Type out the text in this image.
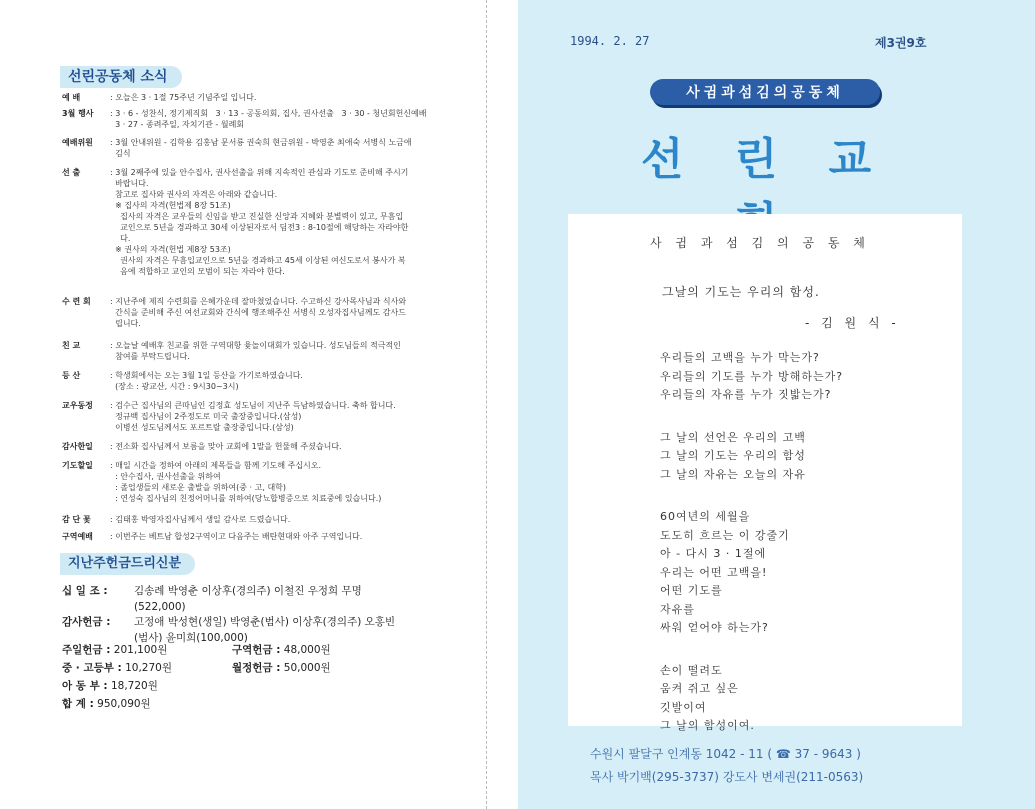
선린공동체 소식
예 배	: 오늘은 3 · 1절 75주년 기념주일 입니다.
3월 행사	: 3 · 6 - 성찬식, 정기제직회   3 · 13 - 공동의회, 집사, 권사선출   3 · 30 - 청년회헌신예배
3 · 27 - 종려주일, 자치기관 - 월례회
예배위원	: 3월 안내위원 - 김학용 김홍남 문서룡 권숙희 현금위원 - 박영춘 최애숙 서병식 노금애
김식
선 출	: 3월 2째주에 있을 안수집사, 권사선출을 위해 지속적인 관심과 기도로 준비해 주시기
바랍니다.
참고로 집사와 권사의 자격은 아래와 같습니다.
※ 집사의 자격(헌법제 8장 51조)
집사의 자격은 교우들의 신임을 받고 진실한 신앙과 지혜와 분별력이 있고, 무흠입
교인으로 5년을 경과하고 30세 이상된자로서 딤전3 : 8-10절에 해당하는 자라야한
다.
※ 권사의 자격(헌법 제8장 53조)
권사의 자격은 무흠입교인으로 5년을 경과하고 45세 이상된 여신도로서 봉사가 복
음에 적합하고 교인의 모범이 되는 자라야 한다.
수 련 회	: 지난주에 제직 수련회를 은혜가운데 잘마쳤었습니다. 수고하신 강사목사님과 식사와
간식을 준비해 주신 여선교회와 간식에 행조해주신 서병식 오성자집사님께도 감사드
립니다.
친 교	: 오늘날 예배후 친교를 위한 구역대항 윷놀이대회가 있습니다. 성도님들의 적극적인
참여를 부탁드립니다.
등 산	: 학생회에서는 오는 3월 1일 등산을 가기로하였습니다.
(장소 : 광교산, 시간 : 9시30~3시)
교우동정	: 검수근 집사님의 큰따님인 김정효 성도님이 지난주 득남하였습니다. 축하 합니다.
정규백 집사님이 2주정도로 미국 출장중입니다.(삼성)
이병선 성도님께서도 포르트랄 출장중입니다.(삼성)
감사한일	: 전소화 집사님께서 보름을 맞아 교회에 1말을 헌물해 주셨습니다.
기도할일	: 매일 시간을 정하여 아래의 제목들을 함께 기도해 주십시오.
: 안수집사, 권사선출을 위하여
: 졸업생들의 새로운 출발을 위하여(중 · 고, 대학)
: 연성숙 집사님의 친정어머니를 위하여(당뇨합병증으로 치료중에 있습니다.)
감 단 꽃	: 김태홍 박영자집사님께서 생일 감사로 드렸습니다.
구역예배	: 이번주는 베트남 합성2구역이고 다음주는 배탄현대와 아주 구역입니다.
지난주헌금드리신분
십 일 조 :	김송례 박영춘 이상후(경의주) 이철진 우정희 무명
(522,000)
감사헌금 :	고정애 박성현(생일) 박영춘(범사) 이상후(경의주) 오홍빈
(범사) 윤미희(100,000)
주일헌금 : 201,100원	구역헌금 : 48,000원
중 · 고등부 : 10,270원	월정헌금 : 50,000원
아 동 부 : 18,720원
합 계 : 950,090원
1994. 2. 27	제3권9호
사귐과섬김의공동체
선 린 교
사 귐 과 섬 김 의 공 동 체
그날의 기도는 우리의 함성.
- 김 원 식 -
우리들의 고백을 누가 막는가?
우리들의 기도를 누가 방해하는가?
우리들의 자유를 누가 짓밟는가?
그 날의 선언은 우리의 고백
그 날의 기도는 우리의 함성
그 날의 자유는 오늘의 자유
60여년의 세월을
도도히 흐르는 이 강줄기
아 - 다시 3 · 1절에
우리는 어떤 고백을!
어떤 기도를
자유를
싸워 얻어야 하는가?
손이 떨려도
움켜 쥐고 싶은
깃발이여
그 날의 함성이여.
수원시 팔달구 인계동 1042 - 11 ( ☎ 37 - 9643 )
목사 박기백(295-3737) 강도사 변세권(211-0563)
